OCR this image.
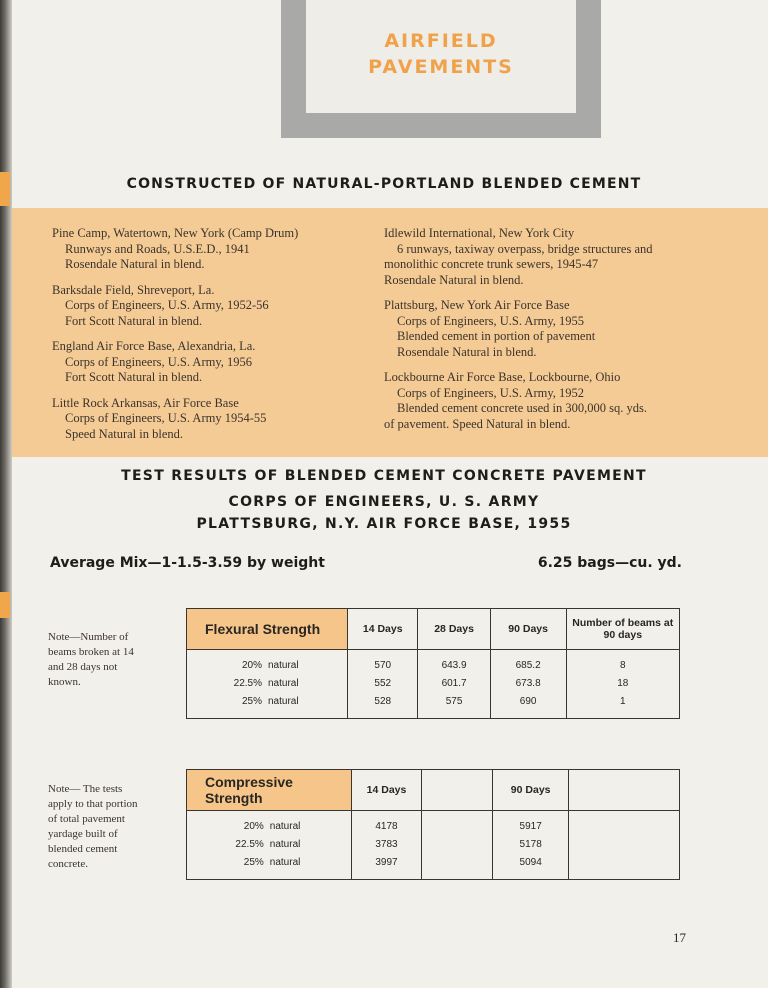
AIRFIELD
PAVEMENTS
CONSTRUCTED OF NATURAL-PORTLAND BLENDED CEMENT
Pine Camp, Watertown, New York (Camp Drum)
Runways and Roads, U.S.E.D., 1941
Rosendale Natural in blend.
Barksdale Field, Shreveport, La.
Corps of Engineers, U.S. Army, 1952-56
Fort Scott Natural in blend.
England Air Force Base, Alexandria, La.
Corps of Engineers, U.S. Army, 1956
Fort Scott Natural in blend.
Little Rock Arkansas, Air Force Base
Corps of Engineers, U.S. Army 1954-55
Speed Natural in blend.
Idlewild International, New York City
6 runways, taxiway overpass, bridge structures and
monolithic concrete trunk sewers, 1945-47
Rosendale Natural in blend.
Plattsburg, New York Air Force Base
Corps of Engineers, U.S. Army, 1955
Blended cement in portion of pavement
Rosendale Natural in blend.
Lockbourne Air Force Base, Lockbourne, Ohio
Corps of Engineers, U.S. Army, 1952
Blended cement concrete used in 300,000 sq. yds.
of pavement. Speed Natural in blend.
TEST RESULTS OF BLENDED CEMENT CONCRETE PAVEMENT
CORPS OF ENGINEERS, U. S. ARMY
PLATTSBURG, N.Y. AIR FORCE BASE, 1955
Average Mix—1-1.5-3.59 by weight	6.25 bags—cu. yd.
Note—Number of beams broken at 14 and 28 days not known.
Note— The tests apply to that portion of total pavement yardage built of blended cement concrete.
Flexural Strength	14 Days	28 Days	90 Days	Number of beams at 90 days
20% natural	570	643.9	685.2	8
22.5% natural	552	601.7	673.8	18
25% natural	528	575	690	1
Compressive Strength	14 Days		90 Days	
20% natural	4178		5917	
22.5% natural	3783		5178	
25% natural	3997		5094	
17
